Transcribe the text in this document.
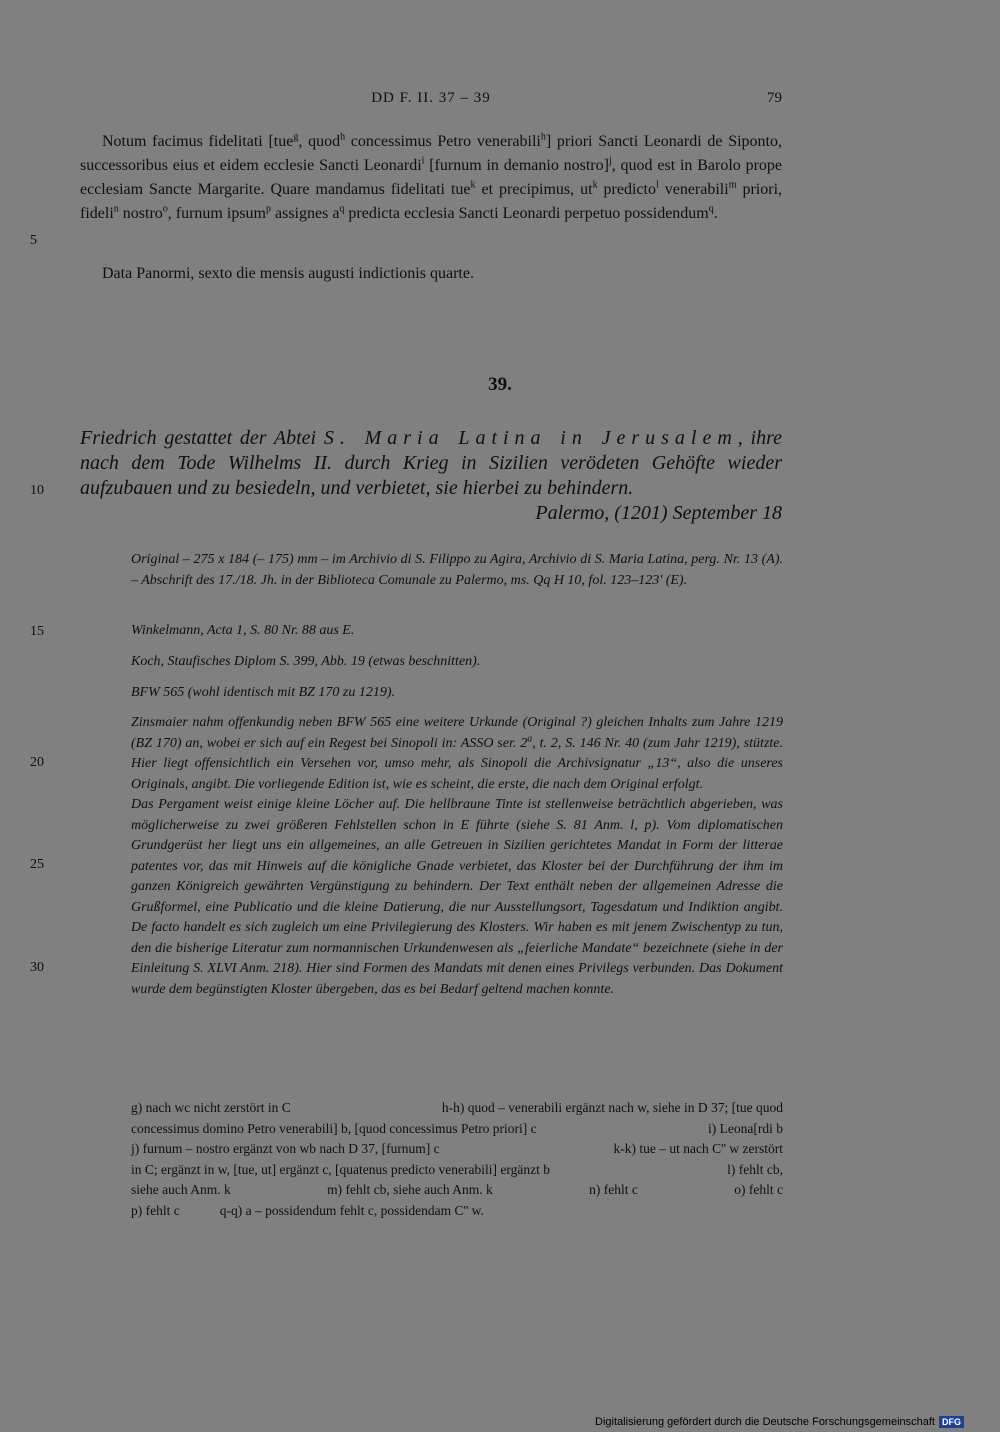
DD F. II. 37 – 39	79

Notum facimus fidelitati [tue$^g$, quod$^h$ concessimus Petro venerabili$^h$] priori Sancti Leonardi de Siponto, successoribus eius et eidem ecclesie Sancti Leonardi$^i$ [furnum in demanio nostro]$^j$, quod est in Barolo prope ecclesiam Sancte Margarite. Quare mandamus fidelitati tue$^k$ et precipimus, $ut^k$ predicto$^l$ venerabili$^m$ priori, fideli$^n$ nostro$^o$, furnum ipsum$^p$ assignes $a^q$ predicta ecclesia Sancti Leonardi perpetuo possidendum$^q$.

Data Panormi, sexto die mensis augusti indictionis quarte.

5
10
15
20
25
30
39.
Friedrich gestattet der Abtei S. Maria Latina in Jerusalem, ihre nach dem Tode Wilhelms II. durch Krieg in Sizilien verödeten Gehöfte wieder aufzubauen und zu besiedeln, und verbietet, sie hierbei zu behindern.
Palermo, (1201) September 18

Original – 275 x 184 (– 175) mm – im Archivio di S. Filippo zu Agira, Archivio di S. Maria Latina, perg. Nr. 13 (A). – Abschrift des 17./18. Jh. in der Biblioteca Comunale zu Palermo, ms. Qq H 10, fol. 123–123' (E).

Winkelmann, Acta 1, S. 80 Nr. 88 aus E.

Koch, Staufisches Diplom S. 399, Abb. 19 (etwas beschnitten).

BFW 565 (wohl identisch mit BZ 170 zu 1219).

Zinsmaier nahm offenkundig neben BFW 565 eine weitere Urkunde (Original ?) gleichen Inhalts zum Jahre 1219 (BZ 170) an, wobei er sich auf ein Regest bei Sinopoli in: ASSO ser. 2$^a$, t. 2, S. 146 Nr. 40 (zum Jahr 1219), stützte. Hier liegt offensichtlich ein Versehen vor, umso mehr, als Sinopoli die Archivsignatur „13“, also die unseres Originals, angibt. Die vorliegende Edition ist, wie es scheint, die erste, die nach dem Original erfolgt.

Das Pergament weist einige kleine Löcher auf. Die hellbraune Tinte ist stellenweise beträchtlich abgerieben, was möglicherweise zu zwei größeren Fehlstellen schon in E führte (siehe S. 81 Anm. l, p). Vom diplomatischen Grundgerüst her liegt uns ein allgemeines, an alle Getreuen in Sizilien gerichtetes Mandat in Form der litterae patentes vor, das mit Hinweis auf die königliche Gnade verbietet, das Kloster bei der Durchführung der ihm im ganzen Königreich gewährten Vergünstigung zu behindern. Der Text enthält neben der allgemeinen Adresse die Grußformel, eine Publicatio und die kleine Datierung, die nur Ausstellungsort, Tagesdatum und Indiktion angibt. De facto handelt es sich zugleich um eine Privilegierung des Klosters. Wir haben es mit jenem Zwischentyp zu tun, den die bisherige Literatur zum normannischen Urkundenwesen als „feierliche Mandate“ bezeichnete (siehe in der Einleitung S. XLVI Anm. 218). Hier sind Formen des Mandats mit denen eines Privilegs verbunden. Das Dokument wurde dem begünstigten Kloster übergeben, das es bei Bedarf geltend machen konnte.

g) nach wc nicht zerstört in C	h-h) quod – venerabili ergänzt nach w, siehe in D 37; [tue quod
concessimus domino Petro venerabili] b, [quod concessimus Petro priori] c	i) Leona[rdi b
j) furnum – nostro ergänzt von wb nach D 37, [furnum] c	k-k) tue – ut nach C'' w zerstört
in C; ergänzt in w, [tue, ut] ergänzt c, [quatenus predicto venerabili] ergänzt b	l) fehlt cb,
siehe auch Anm. k	m) fehlt cb, siehe auch Anm. k	n) fehlt c	o) fehlt c
p) fehlt c	q-q) a – possidendum fehlt c, possidendam C'' w.
Digitalisierung gefördert durch die Deutsche Forschungsgemeinschaft DFG
